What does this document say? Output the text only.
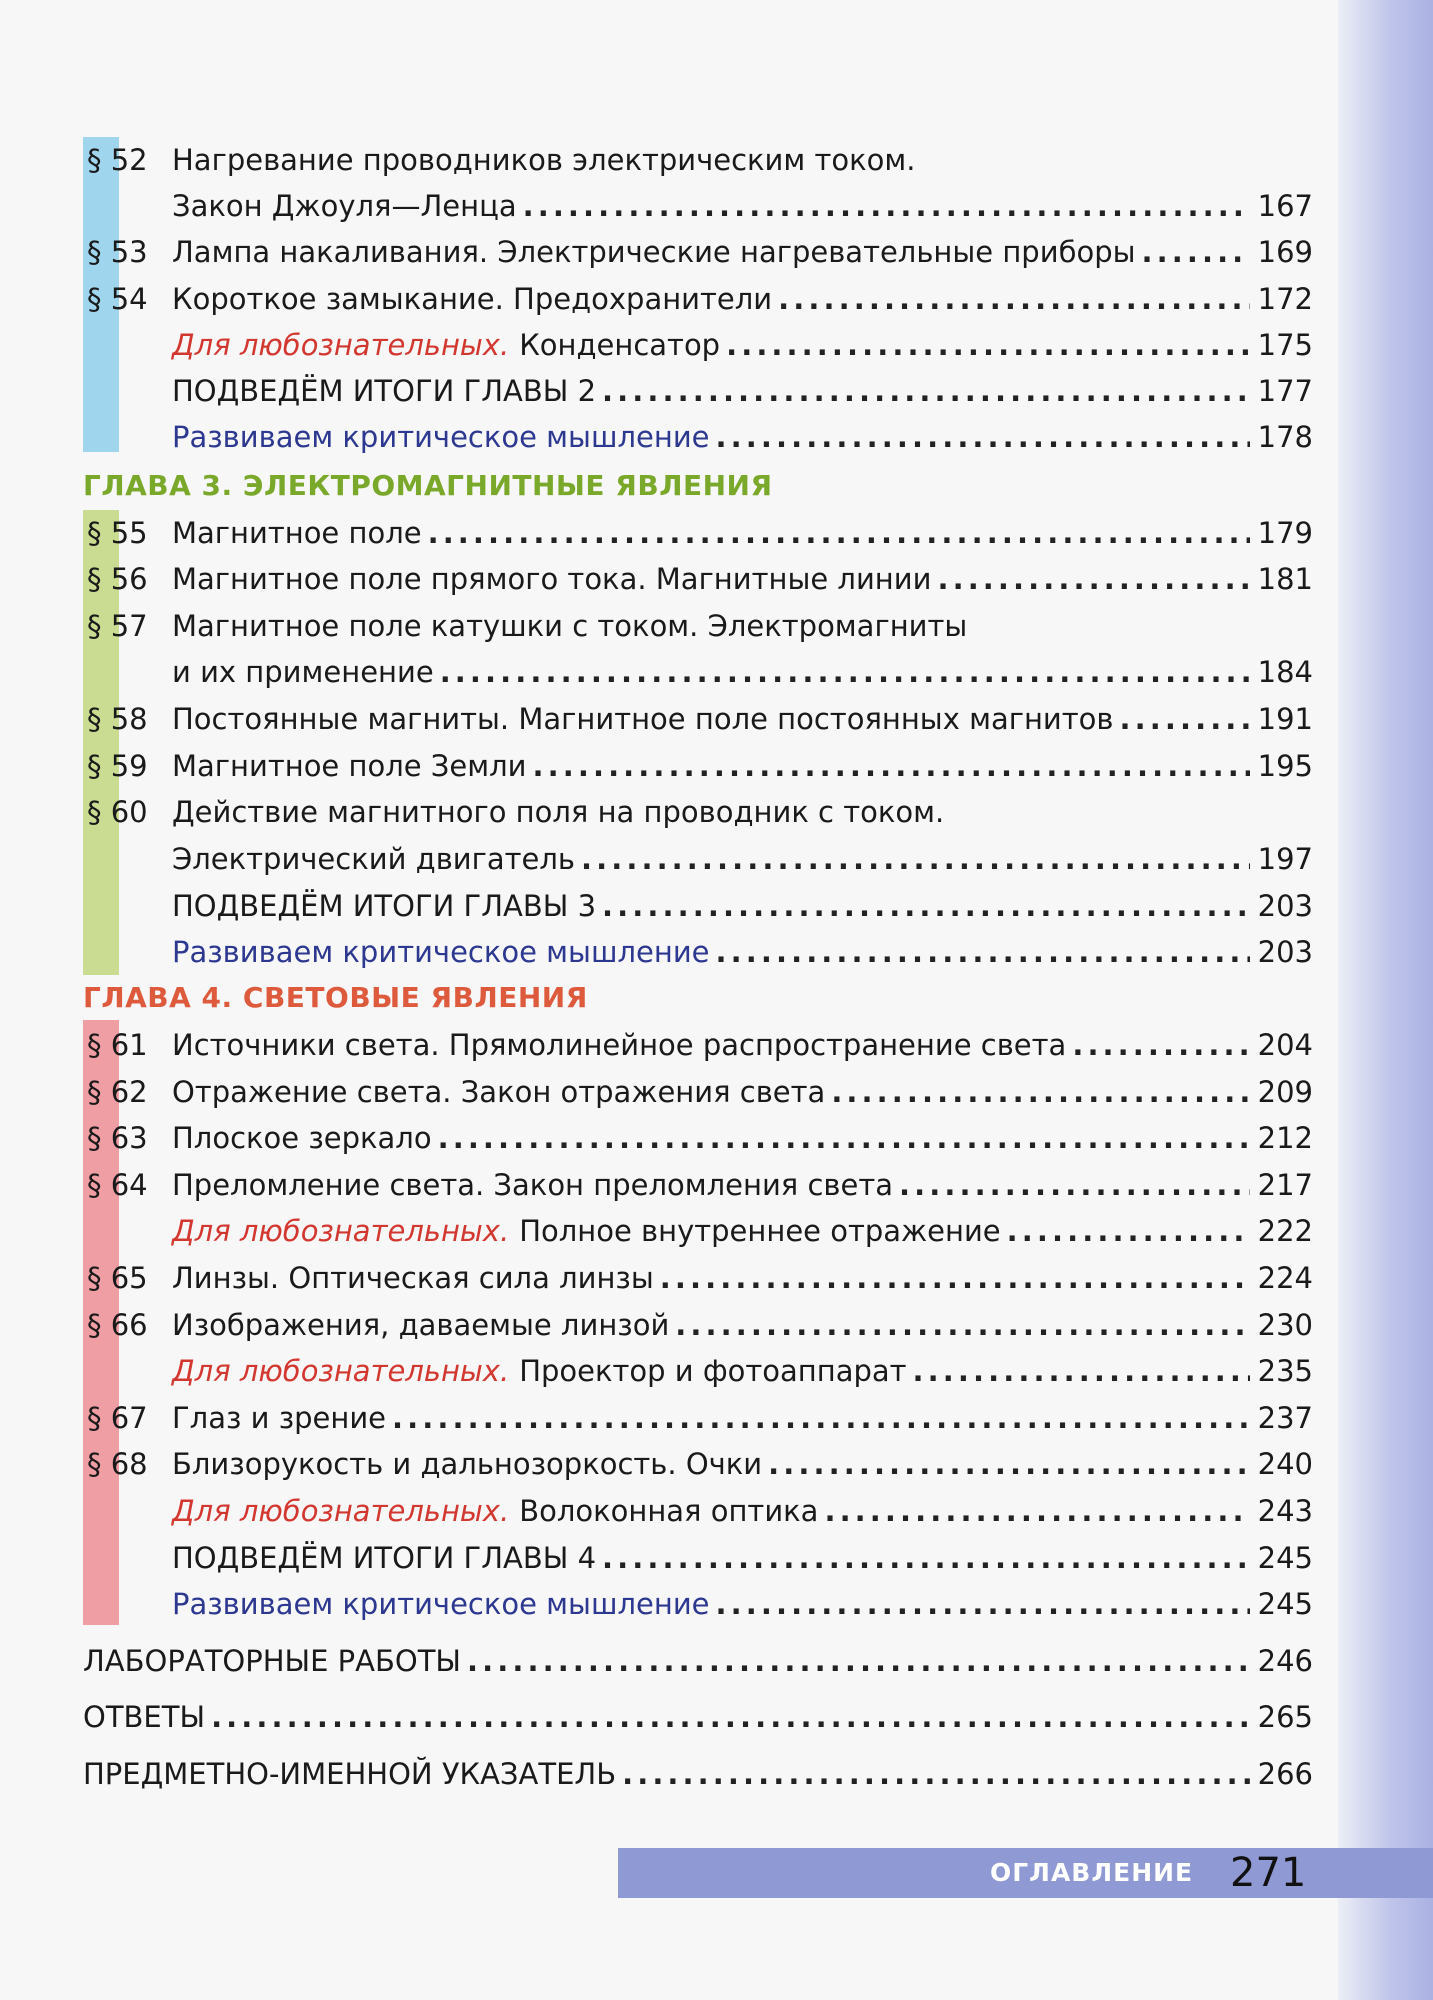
§ 52 Нагревание проводников электрическим током.
Закон Джоуля—Ленца . . .	167
§ 53 Лампа накаливания. Электрические нагревательные приборы . . .	169
§ 54 Короткое замыкание. Предохранители . . .	172
Для любознательных. Конденсатор . . .	175
ПОДВЕДЁМ ИТОГИ ГЛАВЫ 2 . . .	177
Развиваем критическое мышление . . .	178
ГЛАВА 3. ЭЛЕКТРОМАГНИТНЫЕ ЯВЛЕНИЯ
§ 55 Магнитное поле . . .	179
§ 56 Магнитное поле прямого тока. Магнитные линии . . .	181
§ 57 Магнитное поле катушки с током. Электромагниты
и их применение . . .	184
§ 58 Постоянные магниты. Магнитное поле постоянных магнитов . . .	191
§ 59 Магнитное поле Земли . . .	195
§ 60 Действие магнитного поля на проводник с током.
Электрический двигатель . . .	197
ПОДВЕДЁМ ИТОГИ ГЛАВЫ 3 . . .	203
Развиваем критическое мышление . . .	203
ГЛАВА 4. СВЕТОВЫЕ ЯВЛЕНИЯ
§ 61 Источники света. Прямолинейное распространение света . . .	204
§ 62 Отражение света. Закон отражения света . . .	209
§ 63 Плоское зеркало . . .	212
§ 64 Преломление света. Закон преломления света . . .	217
Для любознательных. Полное внутреннее отражение . . .	222
§ 65 Линзы. Оптическая сила линзы . . .	224
§ 66 Изображения, даваемые линзой . . .	230
Для любознательных. Проектор и фотоаппарат . . .	235
§ 67 Глаз и зрение . . .	237
§ 68 Близорукость и дальнозоркость. Очки . . .	240
Для любознательных. Волоконная оптика . . .	243
ПОДВЕДЁМ ИТОГИ ГЛАВЫ 4 . . .	245
Развиваем критическое мышление . . .	245
ЛАБОРАТОРНЫЕ РАБОТЫ . . .	246
ОТВЕТЫ . . .	265
ПРЕДМЕТНО-ИМЕННОЙ УКАЗАТЕЛЬ . . .	266
ОГЛАВЛЕНИЕ 271
